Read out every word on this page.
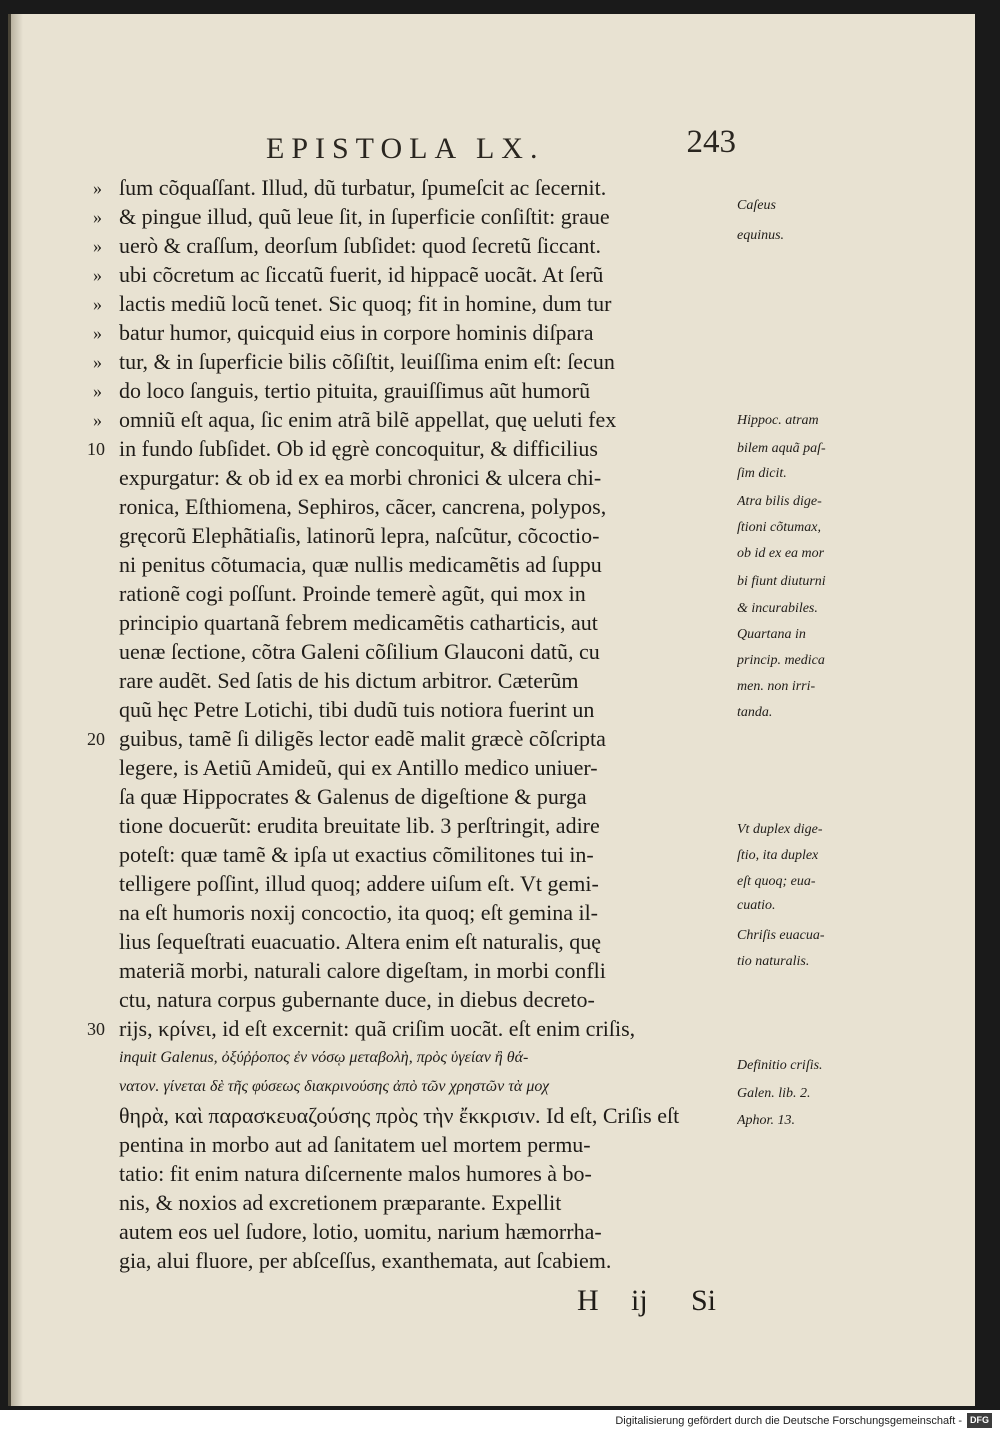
EPISTOLA LX.	243
ſum cõquaſſant. Illud, dũ turbatur, ſpumeſcit ac ſecernit.
& pingue illud, quũ leue ſit, in ſuperficie conſiſtit: graue
uerò & craſſum, deorſum ſubſidet: quod ſecretũ ſiccant.
ubi cõcretum ac ſiccatũ fuerit, id hippacẽ uocãt. At ſerũ
lactis mediũ locũ tenet. Sic quoq; fit in homine, dum tur
batur humor, quicquid eius in corpore hominis diſpara
tur, & in ſuperficie bilis cõſiſtit, leuiſſima enim eſt: ſecun
do loco ſanguis, tertio pituita, grauiſſimus aũt humorũ
omniũ eſt aqua, ſic enim atrã bilẽ appellat, quę ueluti fex
in fundo ſubſidet. Ob id ęgrè concoquitur, & difficilius
expurgatur: & ob id ex ea morbi chronici & ulcera chi-
ronica, Eſthiomena, Sephiros, cãcer, cancrena, polypos,
gręcorũ Elephãtiaſis, latinorũ lepra, naſcũtur, cõcoctio-
ni penitus cõtumacia, quæ nullis medicamẽtis ad ſuppu
rationẽ cogi poſſunt. Proinde temerè agũt, qui mox in
principio quartanã febrem medicamẽtis catharticis, aut
uenæ ſectione, cõtra Galeni cõſilium Glauconi datũ, cu
rare audẽt. Sed ſatis de his dictum arbitror. Cæterũm
quũ hęc Petre Lotichi, tibi dudũ tuis notiora fuerint un
guibus, tamẽ ſi diligẽs lector eadẽ malit græcè cõſcripta
legere, is Aetiũ Amideũ, qui ex Antillo medico uniuer-
ſa quæ Hippocrates & Galenus de digeſtione & purga
tione docuerũt: erudita breuitate lib. 3 perſtringit, adire
poteſt: quæ tamẽ & ipſa ut exactius cõmilitones tui in-
telligere poſſint, illud quoq; addere uiſum eſt. Vt gemi-
na eſt humoris noxij concoctio, ita quoq; eſt gemina il-
lius ſequeſtrati euacuatio. Altera enim eſt naturalis, quę
materiã morbi, naturali calore digeſtam, in morbi confli
ctu, natura corpus gubernante duce, in diebus decreto-
rijs, κρίνει, id eſt excernit: quã criſim uocãt. eſt enim criſis,
inquit Galenus, ὀξύῤῥοπος ἐν νόσῳ μεταβολὴ, πρὸς ὑγείαν ἢ θά-
νατον. γίνεται δὲ τῆς φύσεως διακρινούσης ἀπὸ τῶν χρηστῶν τὰ μοχ
θηρὰ, καὶ παρασκευαζούσης πρὸς τὴν ἔκκρισιν. Id eſt, Criſis eſt
pentina in morbo aut ad ſanitatem uel mortem permu-
tatio: fit enim natura diſcernente malos humores à bo-
nis, & noxios ad excretionem præparante. Expellit
autem eos uel ſudore, lotio, uomitu, narium hæmorrha-
gia, alui fluore, per abſceſſus, exanthemata, aut ſcabiem.
»
»
»
»
»
»
»
»
»
10
20
30
Caſeus
equinus.
Hippoc. atram
bilem aquã paſ-
ſim dicit.
Atra bilis dige-
ſtioni cõtumax,
ob id ex ea mor
bi fiunt diuturni
& incurabiles.
Quartana in
princip. medica
men. non irri-
tanda.
Vt duplex dige-
ſtio, ita duplex
eſt quoq; eua-
cuatio.
Chriſis euacua-
tio naturalis.
Definitio criſis.
Galen. lib. 2.
Aphor. 13.
H ij	Si
Digitalisierung gefördert durch die Deutsche Forschungsgemeinschaft - DFG
